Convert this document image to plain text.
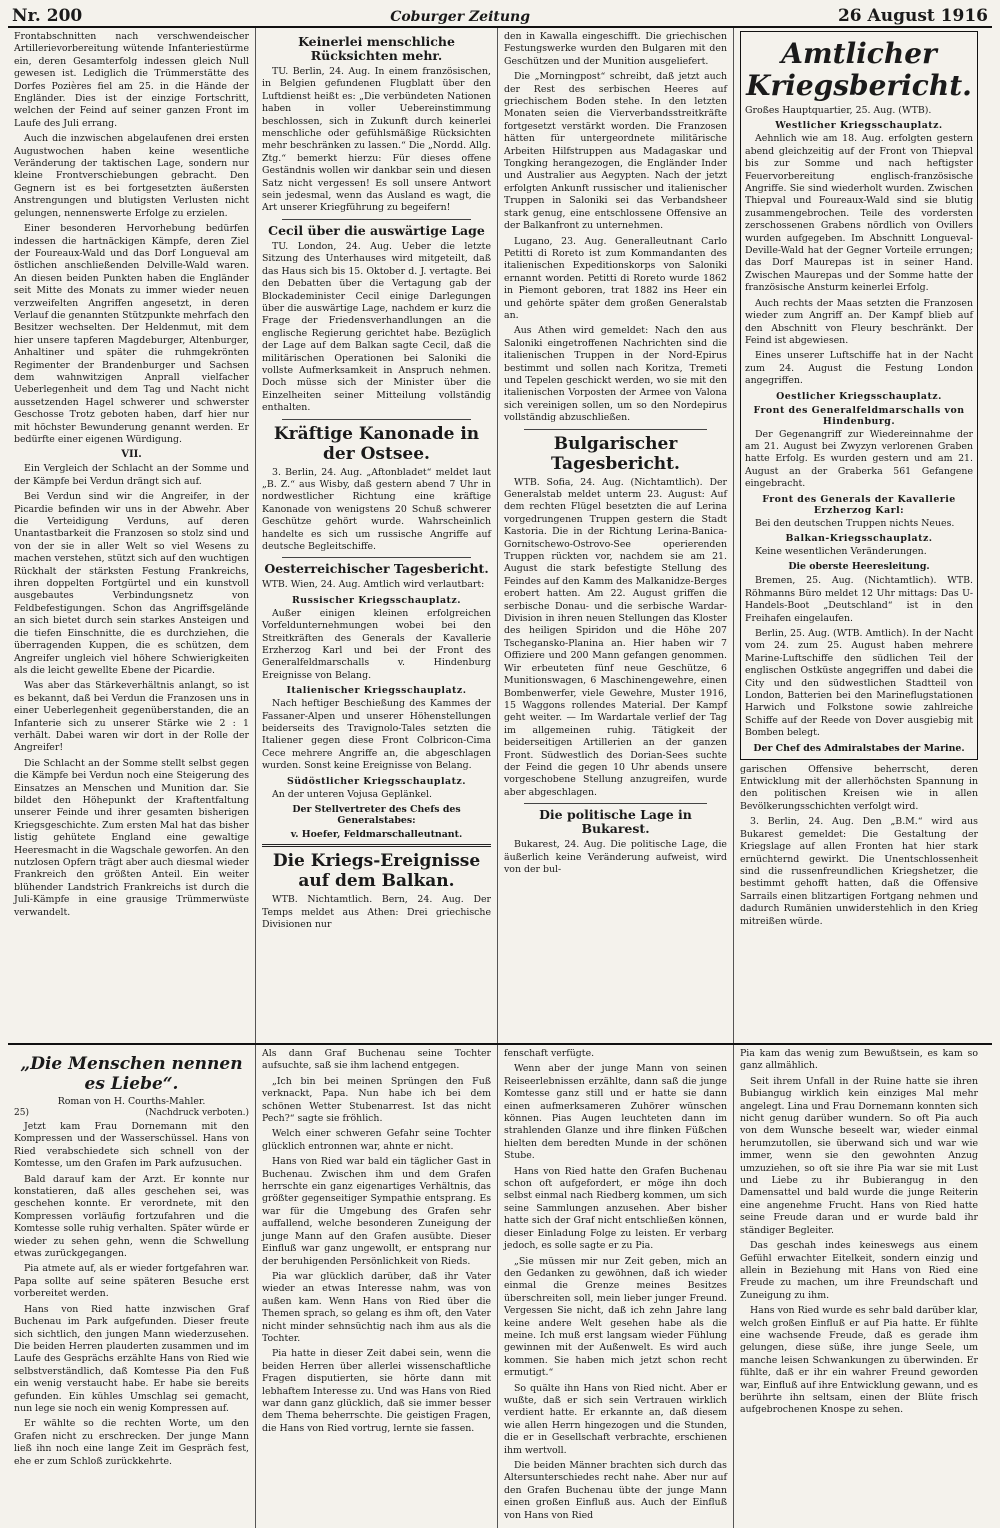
Nr. 200	Coburger Zeitung	26 August 1916

Frontabschnitten nach verschwendeischer Artillerievorbereitung wütende Infanteriestürme ein, deren Gesamterfolg indessen gleich Null gewesen ist. Lediglich die Trümmerstätte des Dorfes Pozières fiel am 25. in die Hände der Engländer. Dies ist der einzige Fortschritt, welchen der Feind auf seiner ganzen Front im Laufe des Juli errang.

Auch die inzwischen abgelaufenen drei ersten Augustwochen haben keine wesentliche Veränderung der taktischen Lage, sondern nur kleine Frontverschiebungen gebracht. Den Gegnern ist es bei fortgesetzten äußersten Anstrengungen und blutigsten Verlusten nicht gelungen, nennenswerte Erfolge zu erzielen.

Einer besonderen Hervorhebung bedürfen indessen die hartnäckigen Kämpfe, deren Ziel der Foureaux-Wald und das Dorf Longueval am östlichen anschließenden Delville-Wald waren. An diesen beiden Punkten haben die Engländer seit Mitte des Monats zu immer wieder neuen verzweifelten Angriffen angesetzt, in deren Verlauf die genannten Stützpunkte mehrfach den Besitzer wechselten. Der Heldenmut, mit dem hier unsere tapferen Magdeburger, Altenburger, Anhaltiner und später die ruhmgekrönten Regimenter der Brandenburger und Sachsen dem wahnwitzigen Anprall vielfacher Ueberlegenheit und dem Tag und Nacht nicht aussetzenden Hagel schwerer und schwerster Geschosse Trotz geboten haben, darf hier nur mit höchster Bewunderung genannt werden. Er bedürfte einer eigenen Würdigung.

VII.

Ein Vergleich der Schlacht an der Somme und der Kämpfe bei Verdun drängt sich auf.

Bei Verdun sind wir die Angreifer, in der Picardie befinden wir uns in der Abwehr. Aber die Verteidigung Verduns, auf deren Unantastbarkeit die Franzosen so stolz sind und von der sie in aller Welt so viel Wesens zu machen verstehen, stützt sich auf den wuchtigen Rückhalt der stärksten Festung Frankreichs, ihren doppelten Fortgürtel und ein kunstvoll ausgebautes Verbindungsnetz von Feldbefestigungen. Schon das Angriffsgelände an sich bietet durch sein starkes Ansteigen und die tiefen Einschnitte, die es durchziehen, die überragenden Kuppen, die es schützen, dem Angreifer ungleich viel höhere Schwierigkeiten als die leicht gewellte Ebene der Picardie.

Was aber das Stärkeverhältnis anlangt, so ist es bekannt, daß bei Verdun die Franzosen uns in einer Ueberlegenheit gegenüberstanden, die an Infanterie sich zu unserer Stärke wie 2 : 1 verhält. Dabei waren wir dort in der Rolle der Angreifer!

Die Schlacht an der Somme stellt selbst gegen die Kämpfe bei Verdun noch eine Steigerung des Einsatzes an Menschen und Munition dar. Sie bildet den Höhepunkt der Kraftentfaltung unserer Feinde und ihrer gesamten bisherigen Kriegsgeschichte. Zum ersten Mal hat das bisher listig gehütete England eine gewaltige Heeresmacht in die Wagschale geworfen. An den nutzlosen Opfern trägt aber auch diesmal wieder Frankreich den größten Anteil. Ein weiter blühender Landstrich Frankreichs ist durch die Juli-Kämpfe in eine grausige Trümmerwüste verwandelt.

Keinerlei menschliche Rücksichten mehr.

TU. Berlin, 24. Aug. In einem französischen, in Belgien gefundenen Flugblatt über den Luftdienst heißt es: „Die verbündeten Nationen haben in voller Uebereinstimmung beschlossen, sich in Zukunft durch keinerlei menschliche oder gefühlsmäßige Rücksichten mehr beschränken zu lassen.“ Die „Nordd. Allg. Ztg.“ bemerkt hierzu: Für dieses offene Geständnis wollen wir dankbar sein und diesen Satz nicht vergessen! Es soll unsere Antwort sein jedesmal, wenn das Ausland es wagt, die Art unserer Kriegführung zu begeifern!

Cecil über die auswärtige Lage

TU. London, 24. Aug. Ueber die letzte Sitzung des Unterhauses wird mitgeteilt, daß das Haus sich bis 15. Oktober d. J. vertagte. Bei den Debatten über die Vertagung gab der Blockademinister Cecil einige Darlegungen über die auswärtige Lage, nachdem er kurz die Frage der Friedensverhandlungen an die englische Regierung gerichtet habe. Bezüglich der Lage auf dem Balkan sagte Cecil, daß die militärischen Operationen bei Saloniki die vollste Aufmerksamkeit in Anspruch nehmen. Doch müsse sich der Minister über die Einzelheiten seiner Mitteilung vollständig enthalten.

Kräftige Kanonade in der Ostsee.

3. Berlin, 24. Aug. „Aftonbladet“ meldet laut „B. Z.“ aus Wisby, daß gestern abend 7 Uhr in nordwestlicher Richtung eine kräftige Kanonade von wenigstens 20 Schuß schwerer Geschütze gehört wurde. Wahrscheinlich handelte es sich um russische Angriffe auf deutsche Begleitschiffe.

Oesterreichischer Tagesbericht.

WTB. Wien, 24. Aug. Amtlich wird verlautbart:

Russischer Kriegsschauplatz.

Außer einigen kleinen erfolgreichen Vorfeldunternehmungen wobei bei den Streitkräften des Generals der Kavallerie Erzherzog Karl und bei der Front des Generalfeldmarschalls v. Hindenburg Ereignisse von Belang.

Italienischer Kriegsschauplatz.

Nach heftiger Beschießung des Kammes der Fassaner-Alpen und unserer Höhenstellungen beiderseits des Travignolo-Tales setzten die Italiener gegen diese Front Colbricon-Cima Cece mehrere Angriffe an, die abgeschlagen wurden. Sonst keine Ereignisse von Belang.

Südöstlicher Kriegsschauplatz.

An der unteren Vojusa Geplänkel.

Der Stellvertreter des Chefs des Generalstabes:
v. Hoefer, Feldmarschalleutnant.
Die Kriegs-Ereignisse auf dem Balkan.

WTB. Nichtamtlich. Bern, 24. Aug. Der Temps meldet aus Athen: Drei griechische Divisionen nur

den in Kawalla eingeschifft. Die griechischen Festungswerke wurden den Bulgaren mit den Geschützen und der Munition ausgeliefert.

Die „Morningpost“ schreibt, daß jetzt auch der Rest des serbischen Heeres auf griechischem Boden stehe. In den letzten Monaten seien die Vierverbandsstreitkräfte fortgesetzt verstärkt worden. Die Franzosen hätten für untergeordnete militärische Arbeiten Hilfstruppen aus Madagaskar und Tongking herangezogen, die Engländer Inder und Australier aus Aegypten. Nach der jetzt erfolgten Ankunft russischer und italienischer Truppen in Saloniki sei das Verbandsheer stark genug, eine entschlossene Offensive an der Balkanfront zu unternehmen.

Lugano, 23. Aug. Generalleutnant Carlo Petitti di Roreto ist zum Kommandanten des italienischen Expeditionskorps von Saloniki ernannt worden. Petitti di Roreto wurde 1862 in Piemont geboren, trat 1882 ins Heer ein und gehörte später dem großen Generalstab an.

Aus Athen wird gemeldet: Nach den aus Saloniki eingetroffenen Nachrichten sind die italienischen Truppen in der Nord-Epirus bestimmt und sollen nach Koritza, Tremeti und Tepelen geschickt werden, wo sie mit den italienischen Vorposten der Armee von Valona sich vereinigen sollen, um so den Nordepirus vollständig abzuschließen.

Bulgarischer Tagesbericht.

WTB. Sofia, 24. Aug. (Nichtamtlich). Der Generalstab meldet unterm 23. August: Auf dem rechten Flügel besetzten die auf Lerina vorgedrungenen Truppen gestern die Stadt Kastoria. Die in der Richtung Lerina-Banica-Gornitschewo-Ostrovo-See operierenden Truppen rückten vor, nachdem sie am 21. August die stark befestigte Stellung des Feindes auf den Kamm des Malkanidze-Berges erobert hatten. Am 22. August griffen die serbische Donau- und die serbische Wardar-Division in ihren neuen Stellungen das Kloster des heiligen Spiridon und die Höhe 207 Tschegansko-Planina an. Hier haben wir 7 Offiziere und 200 Mann gefangen genommen. Wir erbeuteten fünf neue Geschütze, 6 Munitionswagen, 6 Maschinengewehre, einen Bombenwerfer, viele Gewehre, Muster 1916, 15 Waggons rollendes Material. Der Kampf geht weiter. — Im Wardartale verlief der Tag im allgemeinen ruhig. Tätigkeit der beiderseitigen Artillerien an der ganzen Front. Südwestlich des Dorian-Sees suchte der Feind die gegen 10 Uhr abends unsere vorgeschobene Stellung anzugreifen, wurde aber abgeschlagen.

Die politische Lage in Bukarest.

Bukarest, 24. Aug. Die politische Lage, die äußerlich keine Veränderung aufweist, wird von der bul-

Amtlicher Kriegsbericht.

Großes Hauptquartier, 25. Aug. (WTB).

Westlicher Kriegsschauplatz.

Aehnlich wie am 18. Aug. erfolgten gestern abend gleichzeitig auf der Front von Thiepval bis zur Somme und nach heftigster Feuervorbereitung englisch-französische Angriffe. Sie sind wiederholt wurden. Zwischen Thiepval und Foureaux-Wald sind sie blutig zusammengebrochen. Teile des vordersten zerschossenen Grabens nördlich von Ovillers wurden aufgegeben. Im Abschnitt Longueval-Deville-Wald hat der Gegner Vorteile errungen; das Dorf Maurepas ist in seiner Hand. Zwischen Maurepas und der Somme hatte der französische Ansturm keinerlei Erfolg.

Auch rechts der Maas setzten die Franzosen wieder zum Angriff an. Der Kampf blieb auf den Abschnitt von Fleury beschränkt. Der Feind ist abgewiesen.

Eines unserer Luftschiffe hat in der Nacht zum 24. August die Festung London angegriffen.

Oestlicher Kriegsschauplatz.
Front des Generalfeldmarschalls von Hindenburg.

Der Gegenangriff zur Wiedereinnahme der am 21. August bei Zwyzyn verlorenen Graben hatte Erfolg. Es wurden gestern und am 21. August an der Graberka 561 Gefangene eingebracht.

Front des Generals der Kavallerie Erzherzog Karl:

Bei den deutschen Truppen nichts Neues.

Balkan-Kriegsschauplatz.

Keine wesentlichen Veränderungen.

Die oberste Heeresleitung.

Bremen, 25. Aug. (Nichtamtlich). WTB. Röhmanns Büro meldet 12 Uhr mittags: Das U-Handels-Boot „Deutschland“ ist in den Freihafen eingelaufen.

Berlin, 25. Aug. (WTB. Amtlich). In der Nacht vom 24. zum 25. August haben mehrere Marine-Luftschiffe den südlichen Teil der englischen Ostküste angegriffen und dabei die City und den südwestlichen Stadtteil von London, Batterien bei den Marineflugstationen Harwich und Folkstone sowie zahlreiche Schiffe auf der Reede von Dover ausgiebig mit Bomben belegt.

Der Chef des Admiralstabes der Marine.

garischen Offensive beherrscht, deren Entwicklung mit der allerhöchsten Spannung in den politischen Kreisen wie in allen Bevölkerungsschichten verfolgt wird.

3. Berlin, 24. Aug. Den „B.M.“ wird aus Bukarest gemeldet: Die Gestaltung der Kriegslage auf allen Fronten hat hier stark ernüchternd gewirkt. Die Unentschlossenheit sind die russenfreundlichen Kriegshetzer, die bestimmt gehofft hatten, daß die Offensive Sarrails einen blitzartigen Fortgang nehmen und dadurch Rumänien unwiderstehlich in den Krieg mitreißen würde.

„Die Menschen nennen es Liebe“.
Roman von H. Courths-Mahler.
25)	(Nachdruck verboten.)

Jetzt kam Frau Dornemann mit den Kompressen und der Wasserschüssel. Hans von Ried verabschiedete sich schnell von der Komtesse, um den Grafen im Park aufzusuchen.

Bald darauf kam der Arzt. Er konnte nur konstatieren, daß alles geschehen sei, was geschehen konnte. Er verordnete, mit den Kompressen vorläufig fortzufahren und die Komtesse solle ruhig verhalten. Später würde er wieder zu sehen gehn, wenn die Schwellung etwas zurückgegangen.

Pia atmete auf, als er wieder fortgefahren war. Papa sollte auf seine späteren Besuche erst vorbereitet werden.

Hans von Ried hatte inzwischen Graf Buchenau im Park aufgefunden. Dieser freute sich sichtlich, den jungen Mann wiederzusehen. Die beiden Herren plauderten zusammen und im Laufe des Gesprächs erzählte Hans von Ried wie selbstverständlich, daß Komtesse Pia den Fuß ein wenig verstaucht habe. Er habe sie bereits gefunden. Ein kühles Umschlag sei gemacht, nun lege sie noch ein wenig Kompressen auf.

Er wählte so die rechten Worte, um den Grafen nicht zu erschrecken. Der junge Mann ließ ihn noch eine lange Zeit im Gespräch fest, ehe er zum Schloß zurückkehrte.

Als dann Graf Buchenau seine Tochter aufsuchte, saß sie ihm lachend entgegen.

„Ich bin bei meinen Sprüngen den Fuß verknackt, Papa. Nun habe ich bei dem schönen Wetter Stubenarrest. Ist das nicht Pech?“ sagte sie fröhlich.

Welch einer schweren Gefahr seine Tochter glücklich entronnen war, ahnte er nicht.

Hans von Ried war bald ein täglicher Gast in Buchenau. Zwischen ihm und dem Grafen herrschte ein ganz eigenartiges Verhältnis, das größter gegenseitiger Sympathie entsprang. Es war für die Umgebung des Grafen sehr auffallend, welche besonderen Zuneigung der junge Mann auf den Grafen ausübte. Dieser Einfluß war ganz ungewollt, er entsprang nur der beruhigenden Persönlichkeit von Rieds.

Pia war glücklich darüber, daß ihr Vater wieder an etwas Interesse nahm, was von außen kam. Wenn Hans von Ried über die Themen sprach, so gelang es ihm oft, den Vater nicht minder sehnsüchtig nach ihm aus als die Tochter.

Pia hatte in dieser Zeit dabei sein, wenn die beiden Herren über allerlei wissenschaftliche Fragen disputierten, sie hörte dann mit lebhaftem Interesse zu. Und was Hans von Ried war dann ganz glücklich, daß sie immer besser dem Thema beherrschte. Die geistigen Fragen, die Hans von Ried vortrug, lernte sie fassen.

fenschaft verfügte.

Wenn aber der junge Mann von seinen Reiseerlebnissen erzählte, dann saß die junge Komtesse ganz still und er hatte sie dann einen aufmerksameren Zuhörer wünschen können. Pias Augen leuchteten dann im strahlenden Glanze und ihre flinken Füßchen hielten dem beredten Munde in der schönen Stube.

Hans von Ried hatte den Grafen Buchenau schon oft aufgefordert, er möge ihn doch selbst einmal nach Riedberg kommen, um sich seine Sammlungen anzusehen. Aber bisher hatte sich der Graf nicht entschließen können, dieser Einladung Folge zu leisten. Er verbarg jedoch, es solle sagte er zu Pia.

„Sie müssen mir nur Zeit geben, mich an den Gedanken zu gewöhnen, daß ich wieder einmal die Grenze meines Besitzes überschreiten soll, mein lieber junger Freund. Vergessen Sie nicht, daß ich zehn Jahre lang keine andere Welt gesehen habe als die meine. Ich muß erst langsam wieder Fühlung gewinnen mit der Außenwelt. Es wird auch kommen. Sie haben mich jetzt schon recht ermutigt.“

So quälte ihn Hans von Ried nicht. Aber er wußte, daß er sich sein Vertrauen wirklich verdient hatte. Er erkannte an, daß diesem wie allen Herrn hingezogen und die Stunden, die er in Gesellschaft verbrachte, erschienen ihm wertvoll.

Die beiden Männer brachten sich durch das Altersunterschiedes recht nahe. Aber nur auf den Grafen Buchenau übte der junge Mann einen großen Einfluß aus. Auch der Einfluß von Hans von Ried

Pia kam das wenig zum Bewußtsein, es kam so ganz allmählich.

Seit ihrem Unfall in der Ruine hatte sie ihren Bubiangug wirklich kein einziges Mal mehr angelegt. Lina und Frau Dornemann konnten sich nicht genug darüber wundern. So oft Pia auch von dem Wunsche beseelt war, wieder einmal herumzutollen, sie überwand sich und war wie immer, wenn sie den gewohnten Anzug umzuziehen, so oft sie ihre Pia war sie mit Lust und Liebe zu ihr Bubierangug in den Damensattel und bald wurde die junge Reiterin eine angenehme Frucht. Hans von Ried hatte seine Freude daran und er wurde bald ihr ständiger Begleiter.

Das geschah indes keineswegs aus einem Gefühl erwachter Eitelkeit, sondern einzig und allein in Beziehung mit Hans von Ried eine Freude zu machen, um ihre Freundschaft und Zuneigung zu ihm.

Hans von Ried wurde es sehr bald darüber klar, welch großen Einfluß er auf Pia hatte. Er fühlte eine wachsende Freude, daß es gerade ihm gelungen, diese süße, ihre junge Seele, um manche leisen Schwankungen zu überwinden. Er fühlte, daß er ihr ein wahrer Freund geworden war, Einfluß auf ihre Entwicklung gewann, und es berührte ihn seltsam, einen der Blüte frisch aufgebrochenen Knospe zu sehen.
